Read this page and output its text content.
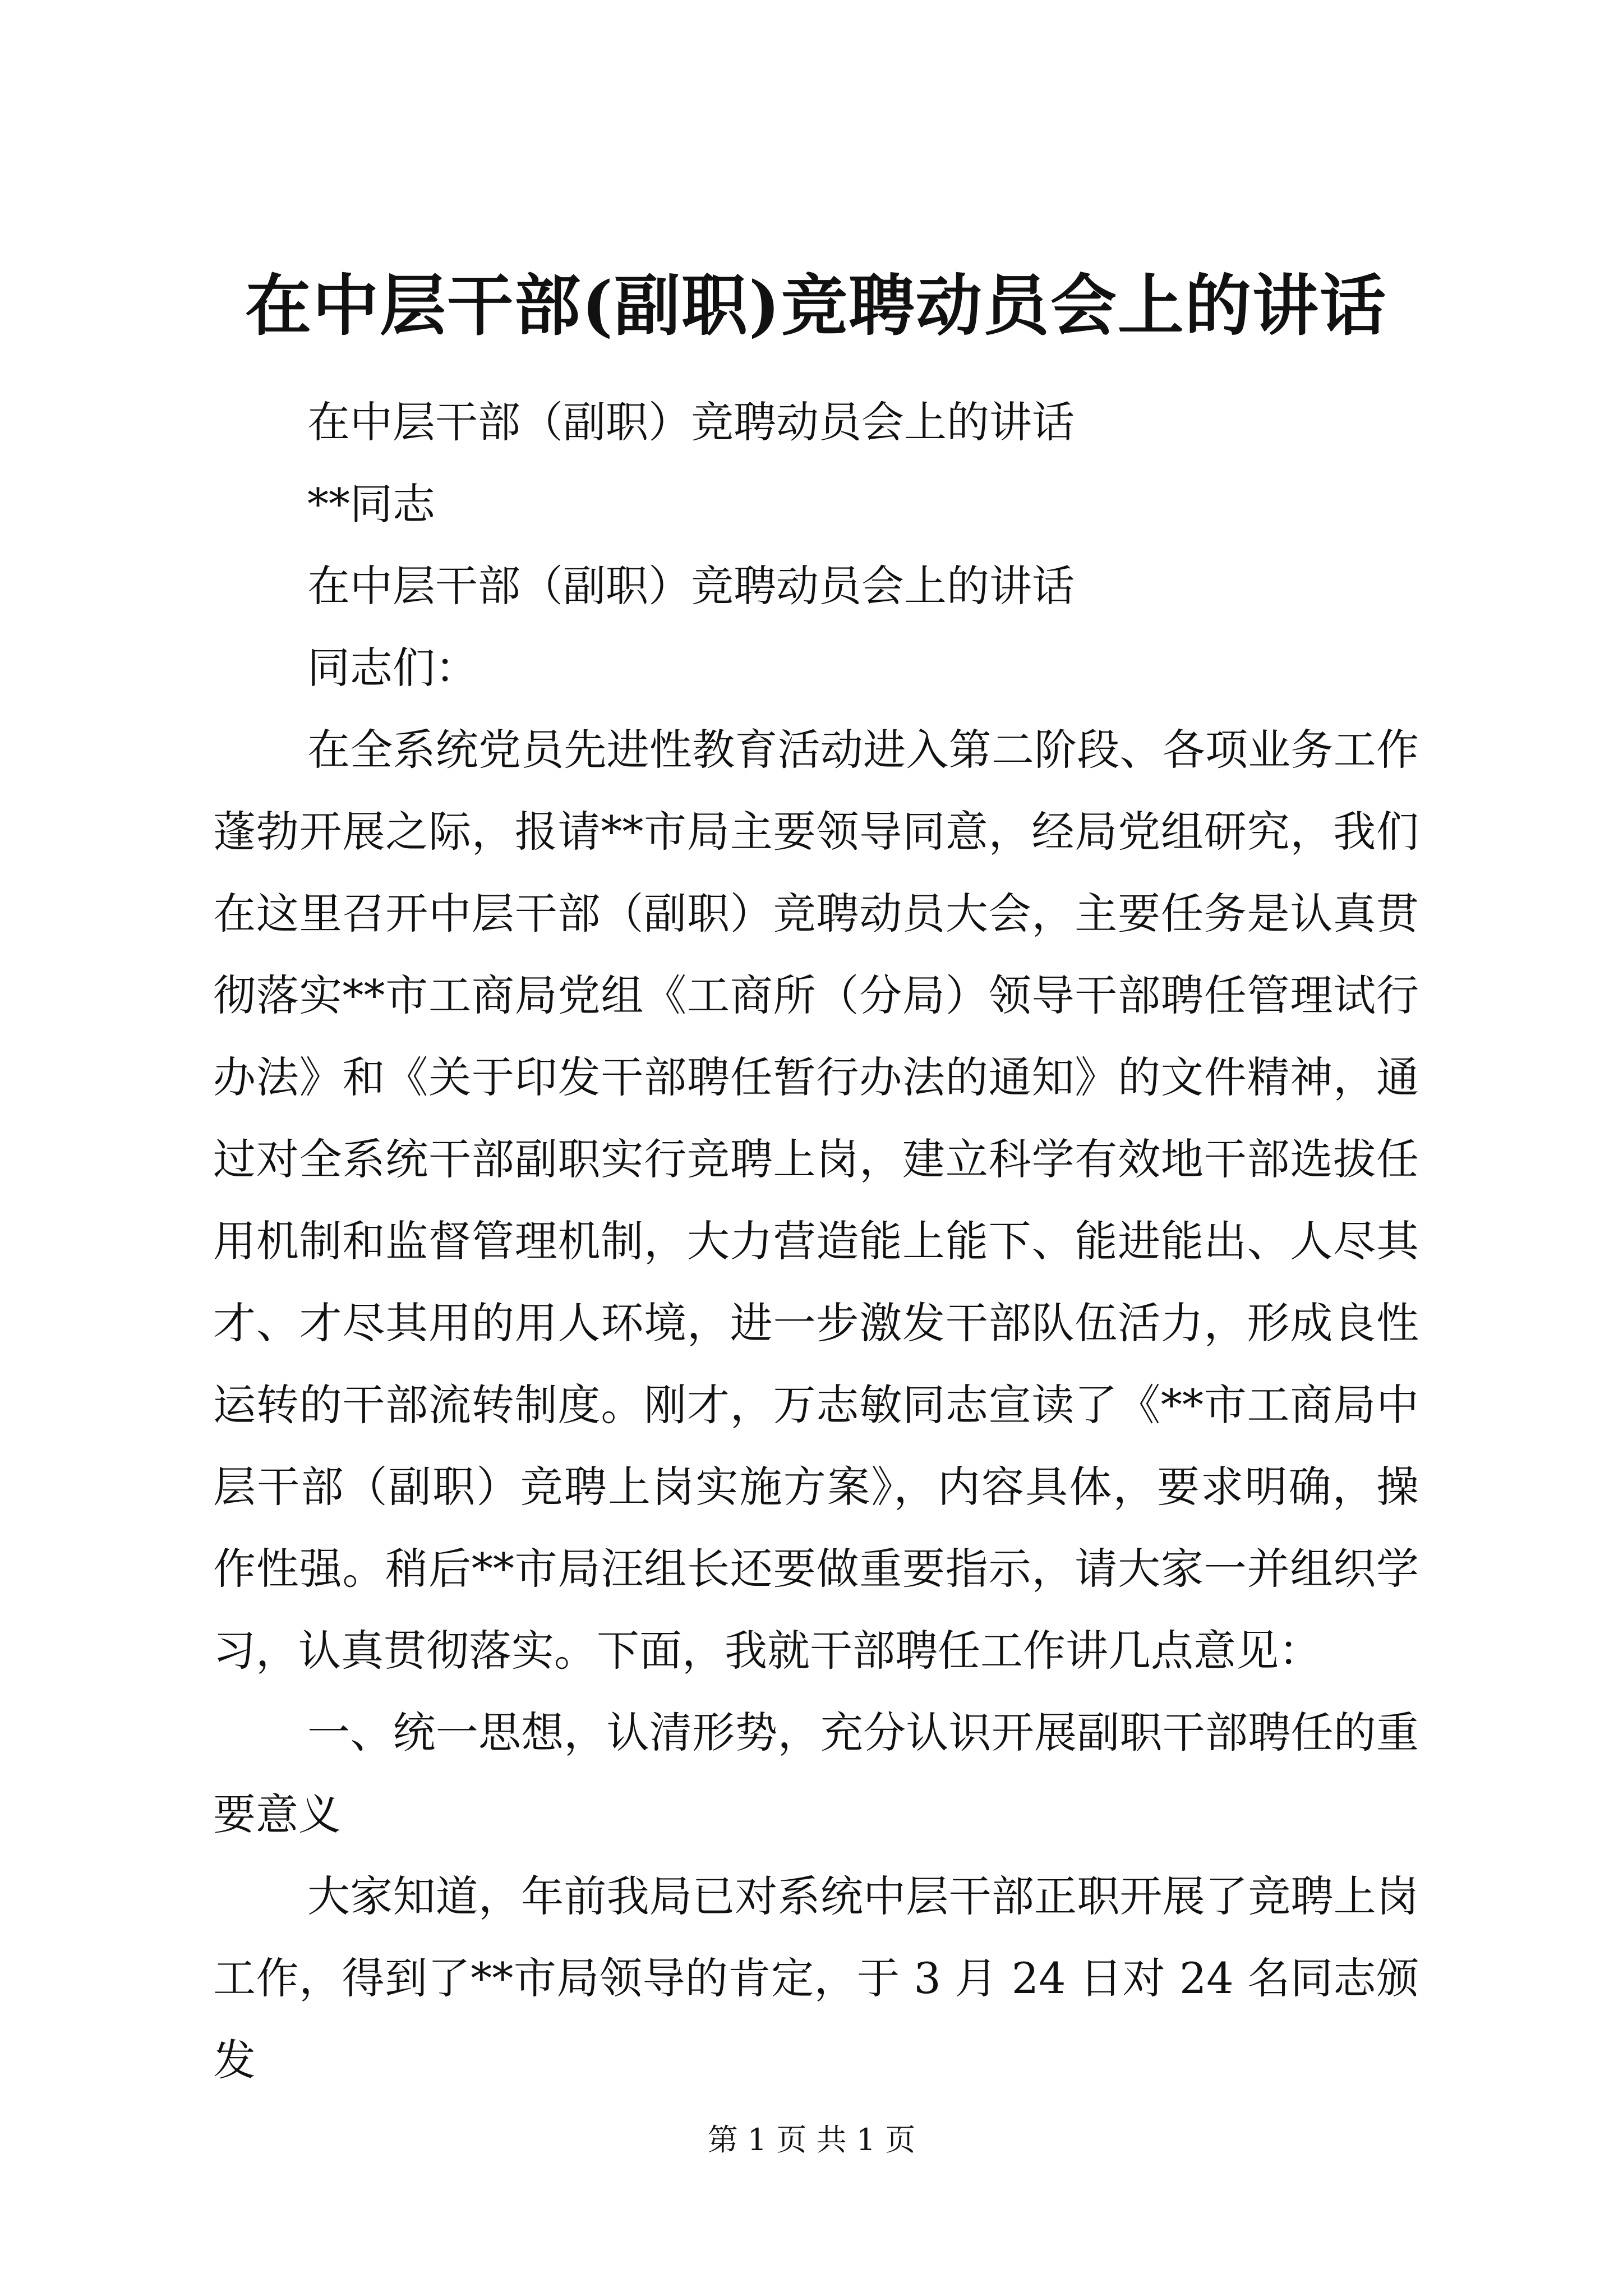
在中层干部(副职)竞聘动员会上的讲话
在中层干部（副职）竞聘动员会上的讲话
**同志
在中层干部（副职）竞聘动员会上的讲话
同志们：
在全系统党员先进性教育活动进入第二阶段、各项业务工作
蓬勃开展之际，报请**市局主要领导同意，经局党组研究，我们
在这里召开中层干部（副职）竞聘动员大会，主要任务是认真贯
彻落实**市工商局党组《工商所（分局）领导干部聘任管理试行
办法》和《关于印发干部聘任暂行办法的通知》的文件精神，通
过对全系统干部副职实行竞聘上岗，建立科学有效地干部选拔任
用机制和监督管理机制，大力营造能上能下、能进能出、人尽其
才、才尽其用的用人环境，进一步激发干部队伍活力，形成良性
运转的干部流转制度。刚才，万志敏同志宣读了《**市工商局中
层干部（副职）竞聘上岗实施方案》，内容具体，要求明确，操
作性强。稍后**市局汪组长还要做重要指示，请大家一并组织学
习，认真贯彻落实。下面，我就干部聘任工作讲几点意见：
一、统一思想，认清形势，充分认识开展副职干部聘任的重
要意义
大家知道，年前我局已对系统中层干部正职开展了竞聘上岗
工作，得到了**市局领导的肯定，于 3 月 24 日对 24 名同志颁发
第 1 页 共 1 页
